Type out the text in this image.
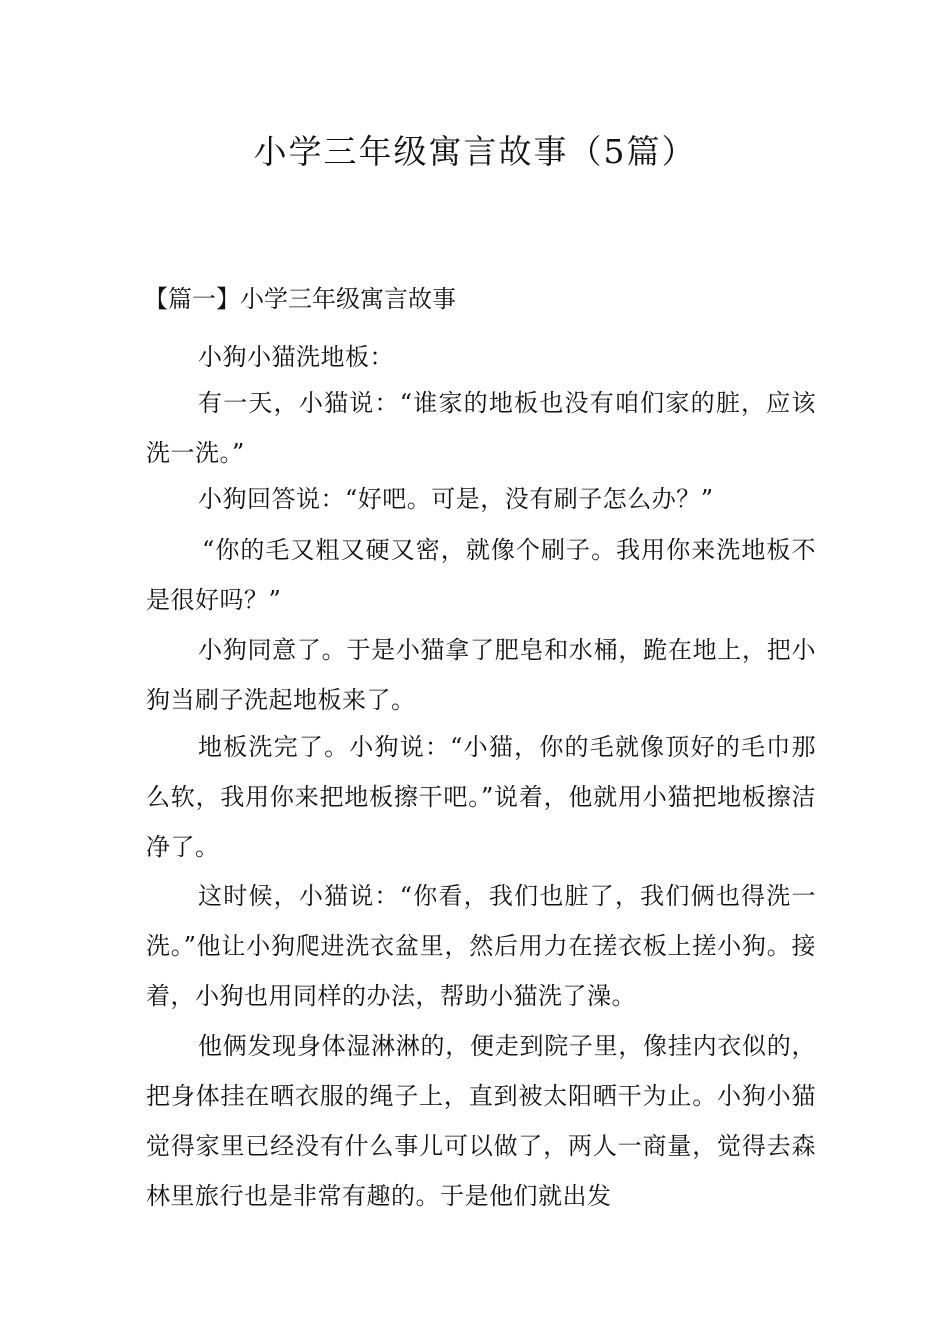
小学三年级寓言故事（5篇）
【篇一】小学三年级寓言故事
小狗小猫洗地板：
有一天，小猫说：“谁家的地板也没有咱们家的脏，应该洗一洗。”
小狗回答说：“好吧。可是，没有刷子怎么办？”
“你的毛又粗又硬又密，就像个刷子。我用你来洗地板不是很好吗？”
小狗同意了。于是小猫拿了肥皂和水桶，跪在地上，把小狗当刷子洗起地板来了。
地板洗完了。小狗说：“小猫，你的毛就像顶好的毛巾那么软，我用你来把地板擦干吧。”说着，他就用小猫把地板擦洁净了。
这时候，小猫说：“你看，我们也脏了，我们俩也得洗一洗。”他让小狗爬进洗衣盆里，然后用力在搓衣板上搓小狗。接着，小狗也用同样的办法，帮助小猫洗了澡。
他俩发现身体湿淋淋的，便走到院子里，像挂内衣似的，把身体挂在晒衣服的绳子上，直到被太阳晒干为止。小狗小猫觉得家里已经没有什么事儿可以做了，两人一商量，觉得去森林里旅行也是非常有趣的。于是他们就出发
